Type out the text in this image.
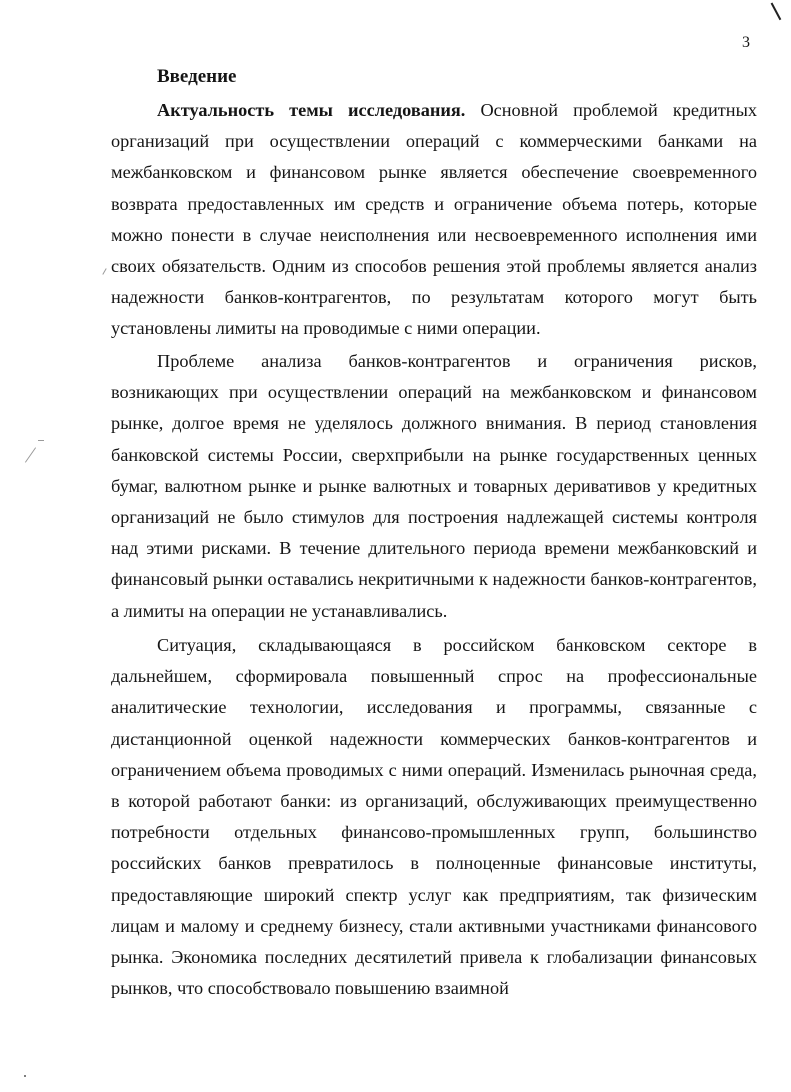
3
Введение

Актуальность темы исследования. Основной проблемой кредитных организаций при осуществлении операций с коммерческими банками на межбанковском и финансовом рынке является обеспечение своевременного возврата предоставленных им средств и ограничение объема потерь, которые можно понести в случае неисполнения или несвоевременного исполнения ими своих обязательств. Одним из способов решения этой проблемы является анализ надежности банков-контрагентов, по результатам которого могут быть установлены лимиты на проводимые с ними операции.

Проблеме анализа банков-контрагентов и ограничения рисков, возникающих при осуществлении операций на межбанковском и финансовом рынке, долгое время не уделялось должного внимания. В период становления банковской системы России, сверхприбыли на рынке государственных ценных бумаг, валютном рынке и рынке валютных и товарных деривативов у кредитных организаций не было стимулов для построения надлежащей системы контроля над этими рисками. В течение длительного периода времени межбанковский и финансовый рынки оставались некритичными к надежности банков-контрагентов, а лимиты на операции не устанавливались.

Ситуация, складывающаяся в российском банковском секторе в дальнейшем, сформировала повышенный спрос на профессиональные аналитические технологии, исследования и программы, связанные с дистанционной оценкой надежности коммерческих банков-контрагентов и ограничением объема проводимых с ними операций. Изменилась рыночная среда, в которой работают банки: из организаций, обслуживающих преимущественно потребности отдельных финансово-промышленных групп, большинство российских банков превратилось в полноценные финансовые институты, предоставляющие широкий спектр услуг как предприятиям, так физическим лицам и малому и среднему бизнесу, стали активными участниками финансового рынка. Экономика последних десятилетий привела к глобализации финансовых рынков, что способствовало повышению взаимной
